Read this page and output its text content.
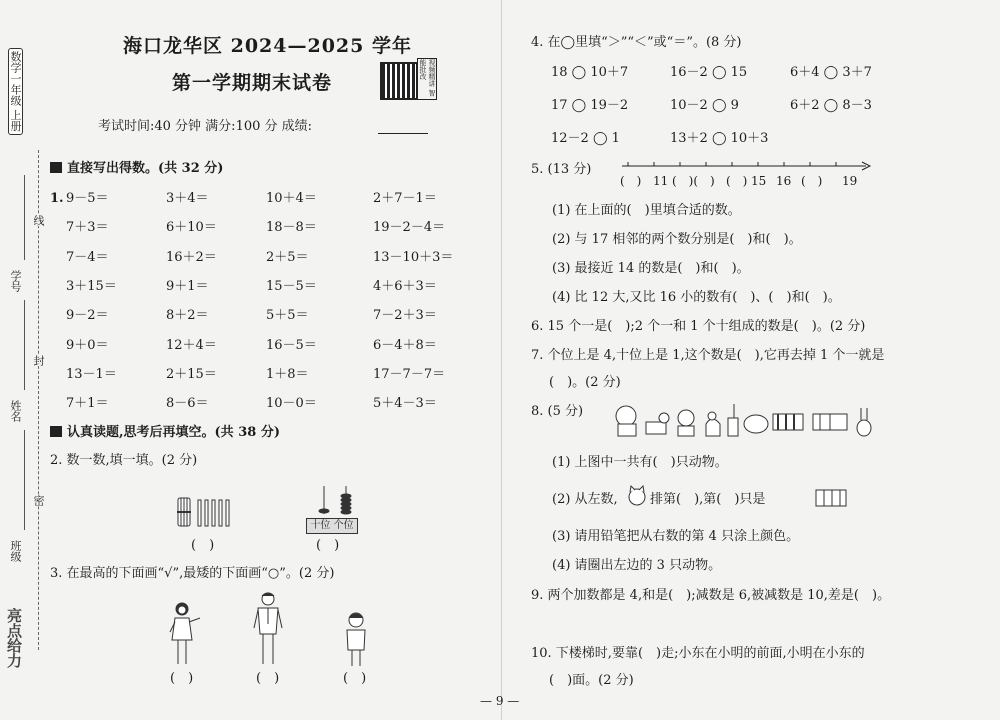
数学一年级 上册
学号
姓名
班级
亮点给力
线
封
密
海口龙华区 2024—2025 学年
第一学期期末试卷	视频精讲 智能批改
考试时间:40 分钟 满分:100 分 成绩:
直接写出得数。(共 32 分)
1. 9－5＝	3＋4＝	10＋4＝	2＋7－1＝
7＋3＝	6＋10＝	18－8＝	19－2－4＝
7－4＝	16＋2＝	2＋5＝	13－10＋3＝
3＋15＝	9＋1＝	15－5＝	4＋6＋3＝
9－2＝	8＋2＝	5＋5＝	7－2＋3＝
9＋0＝	12＋4＝	16－5＝	6－4＋8＝
13－1＝	2＋15＝	1＋8＝	17－7－7＝
7＋1＝	8－6＝	10－0＝	5＋4－3＝
认真读题,思考后再填空。(共 38 分)
2. 数一数,填一填。(2 分)
(　)
十位 个位
(　)
3. 在最高的下面画“√”,最矮的下面画“○”。(2 分)
(　)	(　)	(　)
4. 在◯里填“＞”“＜”或“＝”。(8 分)
18 ◯ 10＋7	16－2 ◯ 15	6＋4 ◯ 3＋7
17 ◯ 19－2	10－2 ◯ 9	6＋2 ◯ 8－3
12－2 ◯ 1	13＋2 ◯ 10＋3
5. (13 分)
(　) 11 (　)(　) (　) 15 16 (　) 19
(1) 在上面的(　)里填合适的数。
(2) 与 17 相邻的两个数分别是(　)和(　)。
(3) 最接近 14 的数是(　)和(　)。
(4) 比 12 大,又比 16 小的数有(　)、(　)和(　)。
6. 15 个一是(　);2 个一和 1 个十组成的数是(　)。(2 分)
7. 个位上是 4,十位上是 1,这个数是(　),它再去掉 1 个一就是
(　)。(2 分)
8. (5 分)
(1) 上图中一共有(　)只动物。
(2) 从左数, 排第(　),第(　)只是
(3) 请用铅笔把从右数的第 4 只涂上颜色。
(4) 请圈出左边的 3 只动物。
9. 两个加数都是 4,和是(　);减数是 6,被减数是 10,差是(　)。
10. 下楼梯时,要靠(　)走;小东在小明的前面,小明在小东的
(　)面。(2 分)
— 9 —
